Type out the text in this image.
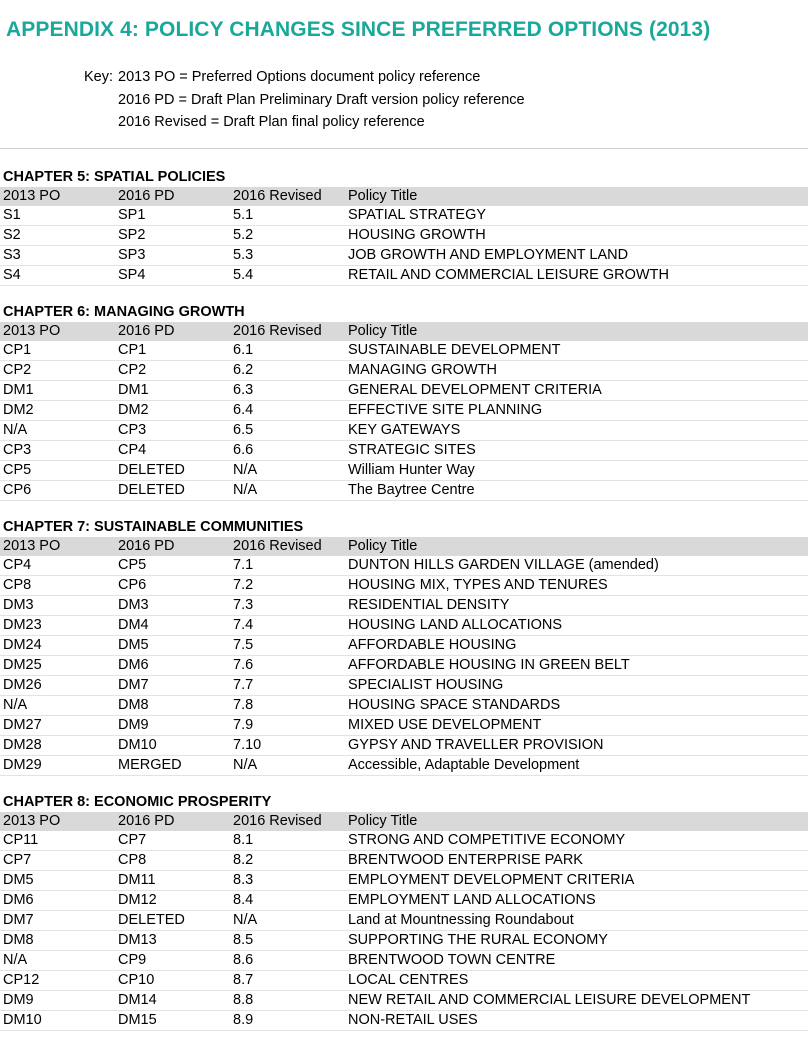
APPENDIX 4: POLICY CHANGES SINCE PREFERRED OPTIONS (2013)
Key: 2013 PO = Preferred Options document policy reference
2016 PD = Draft Plan Preliminary Draft version policy reference
2016 Revised = Draft Plan final policy reference
CHAPTER 5: SPATIAL POLICIES
2013 PO	2016 PD	2016 Revised	Policy Title
S1	SP1	5.1	SPATIAL STRATEGY
S2	SP2	5.2	HOUSING GROWTH
S3	SP3	5.3	JOB GROWTH AND EMPLOYMENT LAND
S4	SP4	5.4	RETAIL AND COMMERCIAL LEISURE GROWTH
CHAPTER 6: MANAGING GROWTH
2013 PO	2016 PD	2016 Revised	Policy Title
CP1	CP1	6.1	SUSTAINABLE DEVELOPMENT
CP2	CP2	6.2	MANAGING GROWTH
DM1	DM1	6.3	GENERAL DEVELOPMENT CRITERIA
DM2	DM2	6.4	EFFECTIVE SITE PLANNING
N/A	CP3	6.5	KEY GATEWAYS
CP3	CP4	6.6	STRATEGIC SITES
CP5	DELETED	N/A	William Hunter Way
CP6	DELETED	N/A	The Baytree Centre
CHAPTER 7: SUSTAINABLE COMMUNITIES
2013 PO	2016 PD	2016 Revised	Policy Title
CP4	CP5	7.1	DUNTON HILLS GARDEN VILLAGE (amended)
CP8	CP6	7.2	HOUSING MIX, TYPES AND TENURES
DM3	DM3	7.3	RESIDENTIAL DENSITY
DM23	DM4	7.4	HOUSING LAND ALLOCATIONS
DM24	DM5	7.5	AFFORDABLE HOUSING
DM25	DM6	7.6	AFFORDABLE HOUSING IN GREEN BELT
DM26	DM7	7.7	SPECIALIST HOUSING
N/A	DM8	7.8	HOUSING SPACE STANDARDS
DM27	DM9	7.9	MIXED USE DEVELOPMENT
DM28	DM10	7.10	GYPSY AND TRAVELLER PROVISION
DM29	MERGED	N/A	Accessible, Adaptable Development
CHAPTER 8: ECONOMIC PROSPERITY
2013 PO	2016 PD	2016 Revised	Policy Title
CP11	CP7	8.1	STRONG AND COMPETITIVE ECONOMY
CP7	CP8	8.2	BRENTWOOD ENTERPRISE PARK
DM5	DM11	8.3	EMPLOYMENT DEVELOPMENT CRITERIA
DM6	DM12	8.4	EMPLOYMENT LAND ALLOCATIONS
DM7	DELETED	N/A	Land at Mountnessing Roundabout
DM8	DM13	8.5	SUPPORTING THE RURAL ECONOMY
N/A	CP9	8.6	BRENTWOOD TOWN CENTRE
CP12	CP10	8.7	LOCAL CENTRES
DM9	DM14	8.8	NEW RETAIL AND COMMERCIAL LEISURE DEVELOPMENT
DM10	DM15	8.9	NON-RETAIL USES
